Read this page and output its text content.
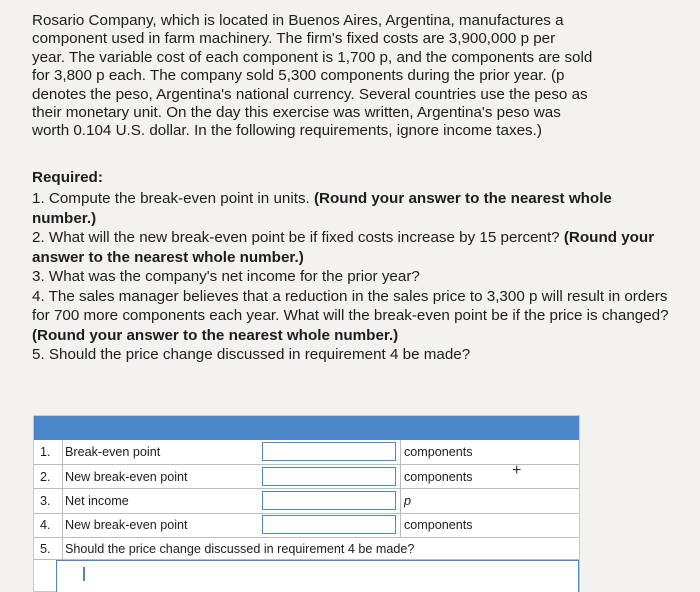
Rosario Company, which is located in Buenos Aires, Argentina, manufactures a

component used in farm machinery. The firm's fixed costs are 3,900,000 p per

year. The variable cost of each component is 1,700 p, and the components are sold

for 3,800 p each. The company sold 5,300 components during the prior year. (p

denotes the peso, Argentina's national currency. Several countries use the peso as

their monetary unit. On the day this exercise was written, Argentina's peso was

worth 0.104 U.S. dollar. In the following requirements, ignore income taxes.)

Required:

1. Compute the break-even point in units. (Round your answer to the nearest whole number.)

2. What will the new break-even point be if fixed costs increase by 15 percent? (Round your answer to the nearest whole number.)

3. What was the company's net income for the prior year?

4. The sales manager believes that a reduction in the sales price to 3,300 p will result in orders for 700 more components each year. What will the break-even point be if the price is changed? (Round your answer to the nearest whole number.)

5. Should the price change discussed in requirement 4 be made?

1.	Break-even point	components
2.	New break-even point	components
3.	Net income	p
4.	New break-even point	components
5.	Should the price change discussed in requirement 4 be made?
+
